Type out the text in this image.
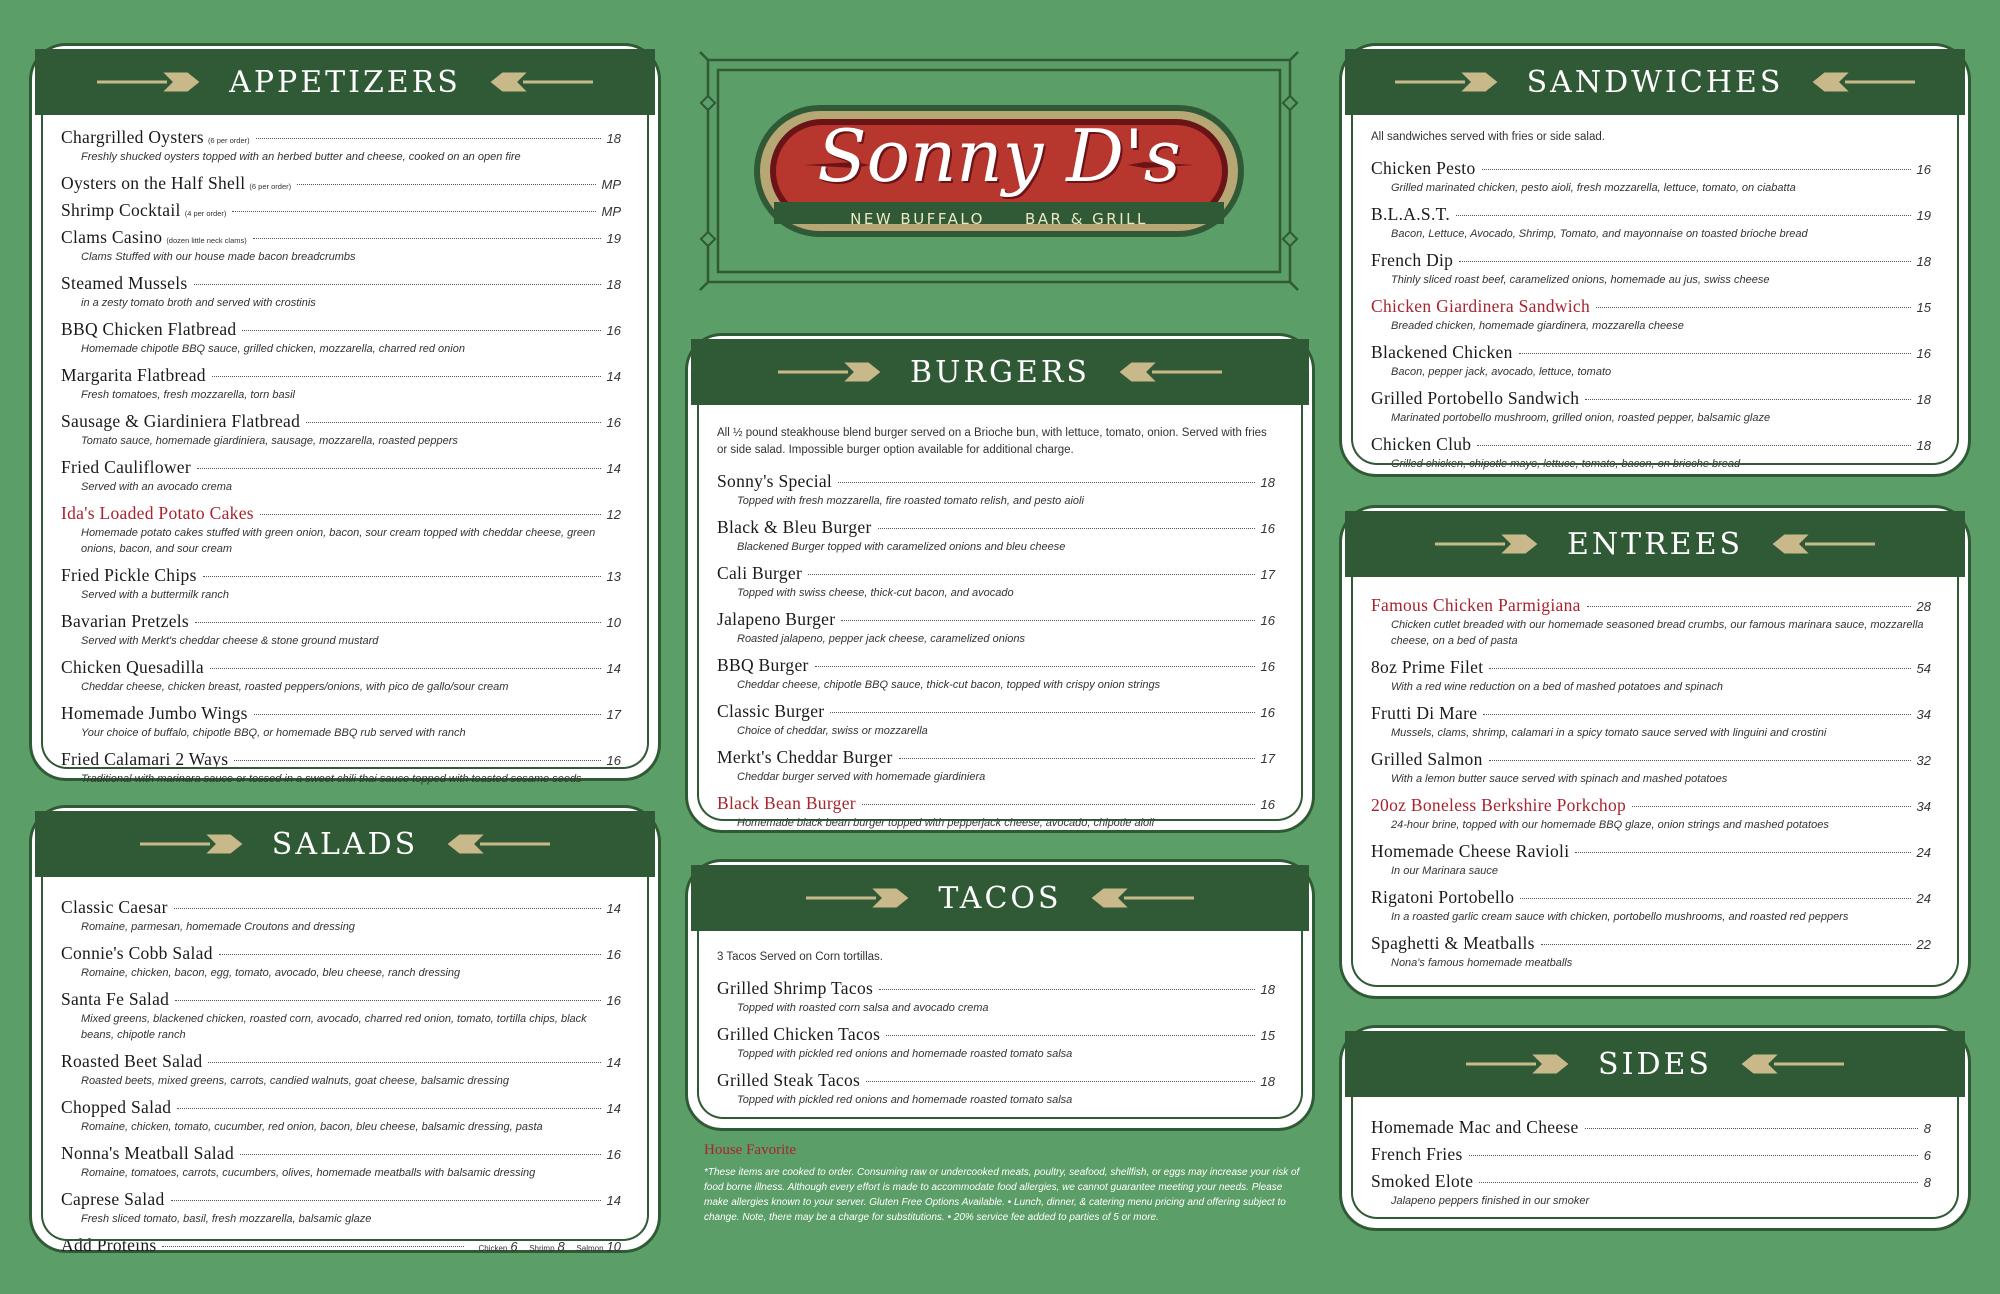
Sonny D's
NEW BUFFALO	BAR & GRILL
APPETIZERS
Chargrilled Oysters (6 per order)	18
Freshly shucked oysters topped with an herbed butter and cheese, cooked on an open fire
Oysters on the Half Shell (6 per order)	MP
Shrimp Cocktail (4 per order)	MP
Clams Casino (dozen little neck clams)	19
Clams Stuffed with our house made bacon breadcrumbs
Steamed Mussels	18
in a zesty tomato broth and served with crostinis
BBQ Chicken Flatbread	16
Homemade chipotle BBQ sauce, grilled chicken, mozzarella, charred red onion
Margarita Flatbread	14
Fresh tomatoes, fresh mozzarella, torn basil
Sausage & Giardiniera Flatbread	16
Tomato sauce, homemade giardiniera, sausage, mozzarella, roasted peppers
Fried Cauliflower	14
Served with an avocado crema
Ida's Loaded Potato Cakes	12
Homemade potato cakes stuffed with green onion, bacon, sour cream topped with cheddar cheese, green onions, bacon, and sour cream
Fried Pickle Chips	13
Served with a buttermilk ranch
Bavarian Pretzels	10
Served with Merkt's cheddar cheese & stone ground mustard
Chicken Quesadilla	14
Cheddar cheese, chicken breast, roasted peppers/onions, with pico de gallo/sour cream
Homemade Jumbo Wings	17
Your choice of buffalo, chipotle BBQ, or homemade BBQ rub served with ranch
Fried Calamari 2 Ways	16
Traditional with marinara sauce or tossed in a sweet chili thai sauce topped with toasted sesame seeds
SALADS
Classic Caesar	14
Romaine, parmesan, homemade Croutons and dressing
Connie's Cobb Salad	16
Romaine, chicken, bacon, egg, tomato, avocado, bleu cheese, ranch dressing
Santa Fe Salad	16
Mixed greens, blackened chicken, roasted corn, avocado, charred red onion, tomato, tortilla chips, black beans, chipotle ranch
Roasted Beet Salad	14
Roasted beets, mixed greens, carrots, candied walnuts, goat cheese, balsamic dressing
Chopped Salad	14
Romaine, chicken, tomato, cucumber, red onion, bacon, bleu cheese, balsamic dressing, pasta
Nonna's Meatball Salad	16
Romaine, tomatoes, carrots, cucumbers, olives, homemade meatballs with balsamic dressing
Caprese Salad	14
Fresh sliced tomato, basil, fresh mozzarella, balsamic glaze
Add Proteins	Chicken 6 Shrimp 8 Salmon 10
BURGERS
All ½ pound steakhouse blend burger served on a Brioche bun, with lettuce, tomato, onion. Served with fries or side salad. Impossible burger option available for additional charge.
Sonny's Special	18
Topped with fresh mozzarella, fire roasted tomato relish, and pesto aioli
Black & Bleu Burger	16
Blackened Burger topped with caramelized onions and bleu cheese
Cali Burger	17
Topped with swiss cheese, thick-cut bacon, and avocado
Jalapeno Burger	16
Roasted jalapeno, pepper jack cheese, caramelized onions
BBQ Burger	16
Cheddar cheese, chipotle BBQ sauce, thick-cut bacon, topped with crispy onion strings
Classic Burger	16
Choice of cheddar, swiss or mozzarella
Merkt's Cheddar Burger	17
Cheddar burger served with homemade giardiniera
Black Bean Burger	16
Homemade black bean burger topped with pepperjack cheese, avocado, chipotle aioli
TACOS
3 Tacos Served on Corn tortillas.
Grilled Shrimp Tacos	18
Topped with roasted corn salsa and avocado crema
Grilled Chicken Tacos	15
Topped with pickled red onions and homemade roasted tomato salsa
Grilled Steak Tacos	18
Topped with pickled red onions and homemade roasted tomato salsa
House Favorite
*These items are cooked to order. Consuming raw or undercooked meats, poultry, seafood, shellfish, or eggs may increase your risk of food borne illness. Although every effort is made to accommodate food allergies, we cannot guarantee meeting your needs. Please make allergies known to your server. Gluten Free Options Available. • Lunch, dinner, & catering menu pricing and offering subject to change. Note, there may be a charge for substitutions. • 20% service fee added to parties of 5 or more.
SANDWICHES
All sandwiches served with fries or side salad.
Chicken Pesto	16
Grilled marinated chicken, pesto aioli, fresh mozzarella, lettuce, tomato, on ciabatta
B.L.A.S.T.	19
Bacon, Lettuce, Avocado, Shrimp, Tomato, and mayonnaise on toasted brioche bread
French Dip	18
Thinly sliced roast beef, caramelized onions, homemade au jus, swiss cheese
Chicken Giardinera Sandwich	15
Breaded chicken, homemade giardinera, mozzarella cheese
Blackened Chicken	16
Bacon, pepper jack, avocado, lettuce, tomato
Grilled Portobello Sandwich	18
Marinated portobello mushroom, grilled onion, roasted pepper, balsamic glaze
Chicken Club	18
Grilled chicken, chipotle mayo, lettuce, tomato, bacon, on brioche bread
ENTREES
Famous Chicken Parmigiana	28
Chicken cutlet breaded with our homemade seasoned bread crumbs, our famous marinara sauce, mozzarella cheese, on a bed of pasta
8oz Prime Filet	54
With a red wine reduction on a bed of mashed potatoes and spinach
Frutti Di Mare	34
Mussels, clams, shrimp, calamari in a spicy tomato sauce served with linguini and crostini
Grilled Salmon	32
With a lemon butter sauce served with spinach and mashed potatoes
20oz Boneless Berkshire Porkchop	34
24-hour brine, topped with our homemade BBQ glaze, onion strings and mashed potatoes
Homemade Cheese Ravioli	24
In our Marinara sauce
Rigatoni Portobello	24
In a roasted garlic cream sauce with chicken, portobello mushrooms, and roasted red peppers
Spaghetti & Meatballs	22
Nona's famous homemade meatballs
SIDES
Homemade Mac and Cheese	8
French Fries	6
Smoked Elote	8
Jalapeno peppers finished in our smoker
